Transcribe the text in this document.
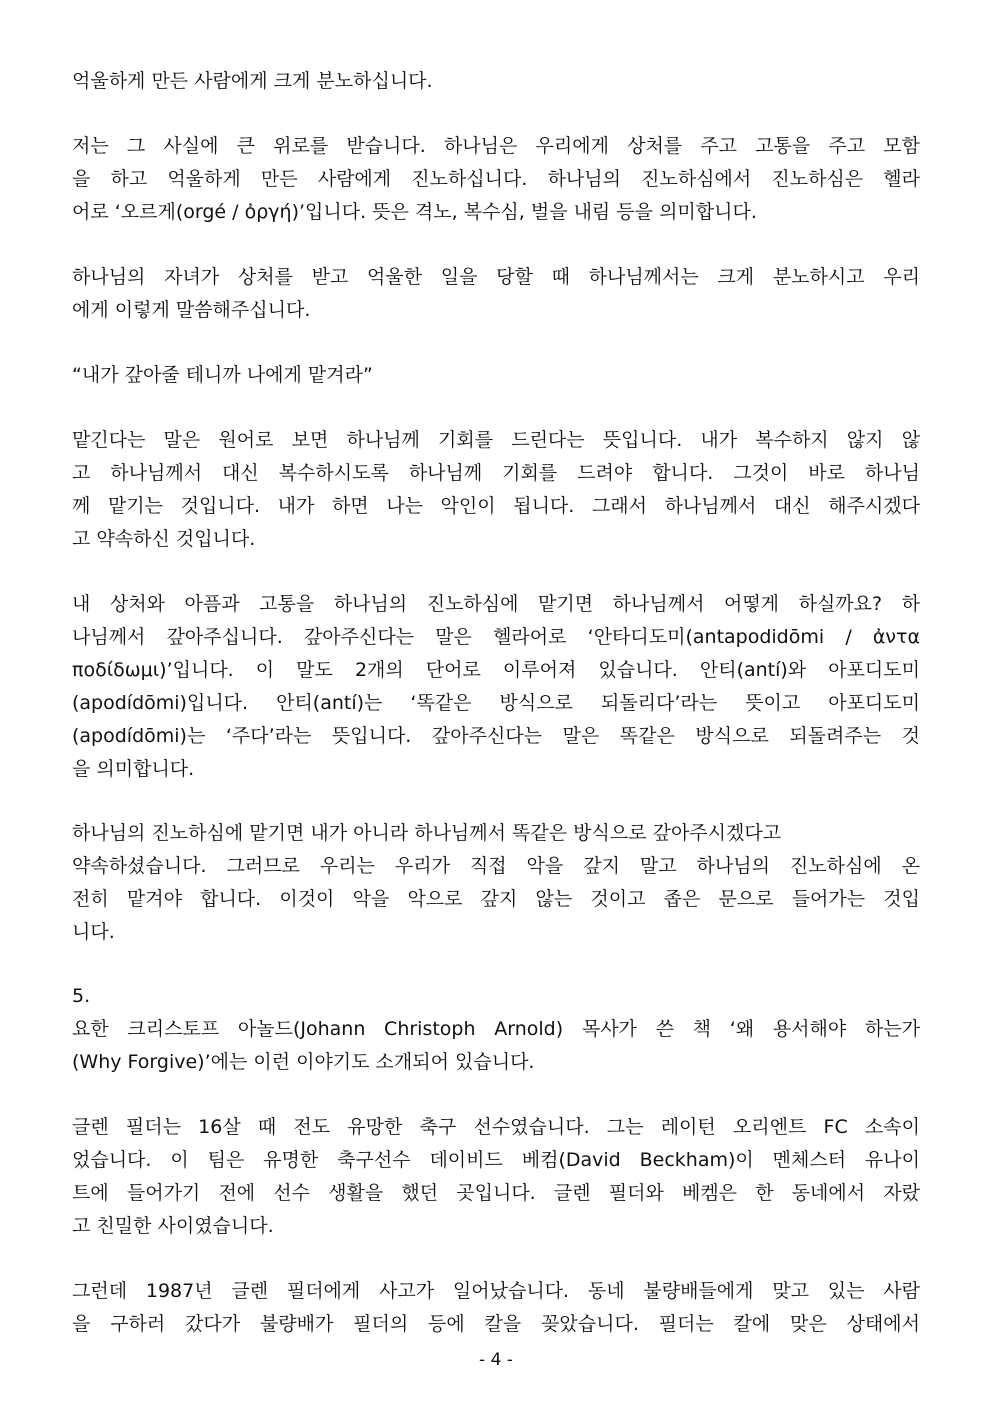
억울하게 만든 사람에게 크게 분노하십니다.
저는 그 사실에 큰 위로를 받습니다. 하나님은 우리에게 상처를 주고 고통을 주고 모함
을 하고 억울하게 만든 사람에게 진노하십니다. 하나님의 진노하심에서 진노하심은 헬라
어로 ‘오르게(orgé / ὀργή)’입니다. 뜻은 격노, 복수심, 벌을 내림 등을 의미합니다.
하나님의 자녀가 상처를 받고 억울한 일을 당할 때 하나님께서는 크게 분노하시고 우리
에게 이렇게 말씀해주십니다.
“내가 갚아줄 테니까 나에게 맡겨라”
맡긴다는 말은 원어로 보면 하나님께 기회를 드린다는 뜻입니다. 내가 복수하지 않지 않
고 하나님께서 대신 복수하시도록 하나님께 기회를 드려야 합니다. 그것이 바로 하나님
께 맡기는 것입니다. 내가 하면 나는 악인이 됩니다. 그래서 하나님께서 대신 해주시겠다
고 약속하신 것입니다.
내 상처와 아픔과 고통을 하나님의 진노하심에 맡기면 하나님께서 어떻게 하실까요? 하
나님께서 갚아주십니다. 갚아주신다는 말은 헬라어로 ‘안타디도미(antapodidōmi / ἀντα
ποδίδωμι)’입니다. 이 말도 2개의 단어로 이루어져 있습니다. 안티(antí)와 아포디도미
(apodídōmi)입니다. 안티(antí)는 ‘똑같은 방식으로 되돌리다’라는 뜻이고 아포디도미
(apodídōmi)는 ‘주다’라는 뜻입니다. 갚아주신다는 말은 똑같은 방식으로 되돌려주는 것
을 의미합니다.
하나님의 진노하심에 맡기면 내가 아니라 하나님께서 똑같은 방식으로 갚아주시겠다고
약속하셨습니다. 그러므로 우리는 우리가 직접 악을 갚지 말고 하나님의 진노하심에 온
전히 맡겨야 합니다. 이것이 악을 악으로 갚지 않는 것이고 좁은 문으로 들어가는 것입
니다.
5.
요한 크리스토프 아놀드(Johann Christoph Arnold) 목사가 쓴 책 ‘왜 용서해야 하는가
(Why Forgive)’에는 이런 이야기도 소개되어 있습니다.
글렌 필더는 16살 때 전도 유망한 축구 선수였습니다. 그는 레이턴 오리엔트 FC 소속이
었습니다. 이 팀은 유명한 축구선수 데이비드 베컴(David Beckham)이 멘체스터 유나이
트에 들어가기 전에 선수 생활을 했던 곳입니다. 글렌 필더와 베켐은 한 동네에서 자랐
고 친밀한 사이였습니다.
그런데 1987년 글렌 필더에게 사고가 일어났습니다. 동네 불량배들에게 맞고 있는 사람
을 구하러 갔다가 불량배가 필더의 등에 칼을 꽂았습니다. 필더는 칼에 맞은 상태에서
- 4 -
